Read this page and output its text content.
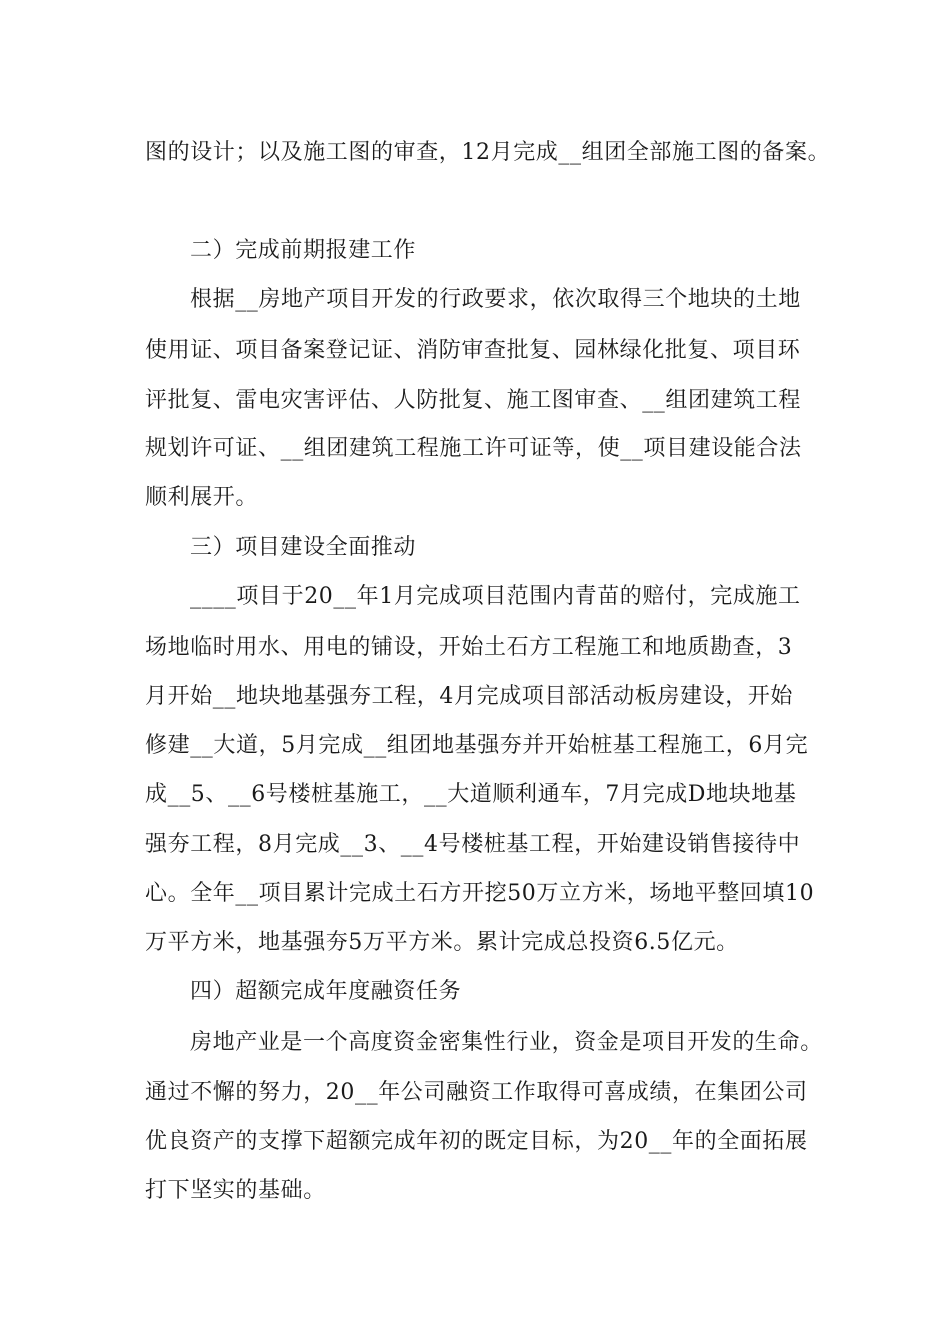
图的设计；以及施工图的审查，12月完成__组团全部施工图的备案。
二）完成前期报建工作
根据__房地产项目开发的行政要求，依次取得三个地块的土地
使用证、项目备案登记证、消防审查批复、园林绿化批复、项目环
评批复、雷电灾害评估、人防批复、施工图审查、__组团建筑工程
规划许可证、__组团建筑工程施工许可证等，使__项目建设能合法
顺利展开。
三）项目建设全面推动
____项目于20__年1月完成项目范围内青苗的赔付，完成施工
场地临时用水、用电的铺设，开始土石方工程施工和地质勘查，3
月开始__地块地基强夯工程，4月完成项目部活动板房建设，开始
修建__大道，5月完成__组团地基强夯并开始桩基工程施工，6月完
成__5、__6号楼桩基施工，__大道顺利通车，7月完成D地块地基
强夯工程，8月完成__3、__4号楼桩基工程，开始建设销售接待中
心。全年__项目累计完成土石方开挖50万立方米，场地平整回填10
万平方米，地基强夯5万平方米。累计完成总投资6.5亿元。
四）超额完成年度融资任务
房地产业是一个高度资金密集性行业，资金是项目开发的生命。
通过不懈的努力，20__年公司融资工作取得可喜成绩，在集团公司
优良资产的支撑下超额完成年初的既定目标，为20__年的全面拓展
打下坚实的基础。
